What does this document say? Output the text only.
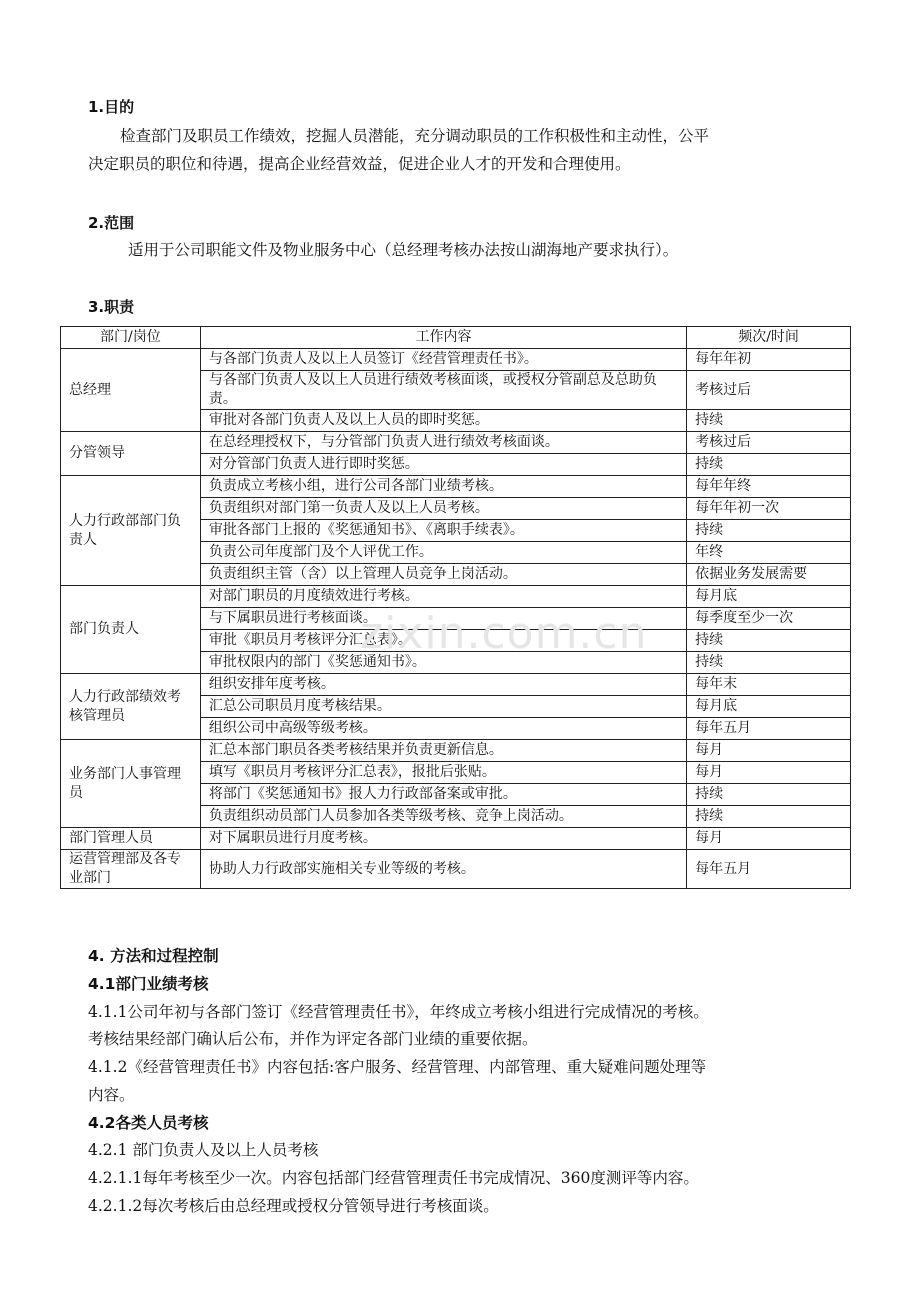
1.目的
检查部门及职员工作绩效，挖掘人员潜能，充分调动职员的工作积极性和主动性，公平
决定职员的职位和待遇，提高企业经营效益，促进企业人才的开发和合理使用。
2.范围
适用于公司职能文件及物业服务中心（总经理考核办法按山湖海地产要求执行）。
3.职责
部门/岗位	工作内容	频次/时间
总经理	与各部门负责人及以上人员签订《经营管理责任书》。	每年年初
	与各部门负责人及以上人员进行绩效考核面谈，或授权分管副总及总助负责。	考核过后
	审批对各部门负责人及以上人员的即时奖惩。	持续
分管领导	在总经理授权下，与分管部门负责人进行绩效考核面谈。	考核过后
	对分管部门负责人进行即时奖惩。	持续
人力行政部部门负责人	负责成立考核小组，进行公司各部门业绩考核。	每年年终
	负责组织对部门第一负责人及以上人员考核。	每年年初一次
	审批各部门上报的《奖惩通知书》、《离职手续表》。	持续
	负责公司年度部门及个人评优工作。	年终
	负责组织主管（含）以上管理人员竞争上岗活动。	依据业务发展需要
部门负责人	对部门职员的月度绩效进行考核。	每月底
	与下属职员进行考核面谈。	每季度至少一次
	审批《职员月考核评分汇总表》。	持续
	审批权限内的部门《奖惩通知书》。	持续
人力行政部绩效考核管理员	组织安排年度考核。	每年末
	汇总公司职员月度考核结果。	每月底
	组织公司中高级等级考核。	每年五月
业务部门人事管理员	汇总本部门职员各类考核结果并负责更新信息。	每月
	填写《职员月考核评分汇总表》，报批后张贴。	每月
	将部门《奖惩通知书》报人力行政部备案或审批。	持续
	负责组织动员部门人员参加各类等级考核、竞争上岗活动。	持续
部门管理人员	对下属职员进行月度考核。	每月
运营管理部及各专业部门	协助人力行政部实施相关专业等级的考核。	每年五月
zixin.com.cn
4. 方法和过程控制
4.1部门业绩考核
4.1.1公司年初与各部门签订《经营管理责任书》，年终成立考核小组进行完成情况的考核。
考核结果经部门确认后公布，并作为评定各部门业绩的重要依据。
4.1.2《经营管理责任书》内容包括:客户服务、经营管理、内部管理、重大疑难问题处理等
内容。
4.2各类人员考核
4.2.1 部门负责人及以上人员考核
4.2.1.1每年考核至少一次。内容包括部门经营管理责任书完成情况、360度测评等内容。
4.2.1.2每次考核后由总经理或授权分管领导进行考核面谈。
